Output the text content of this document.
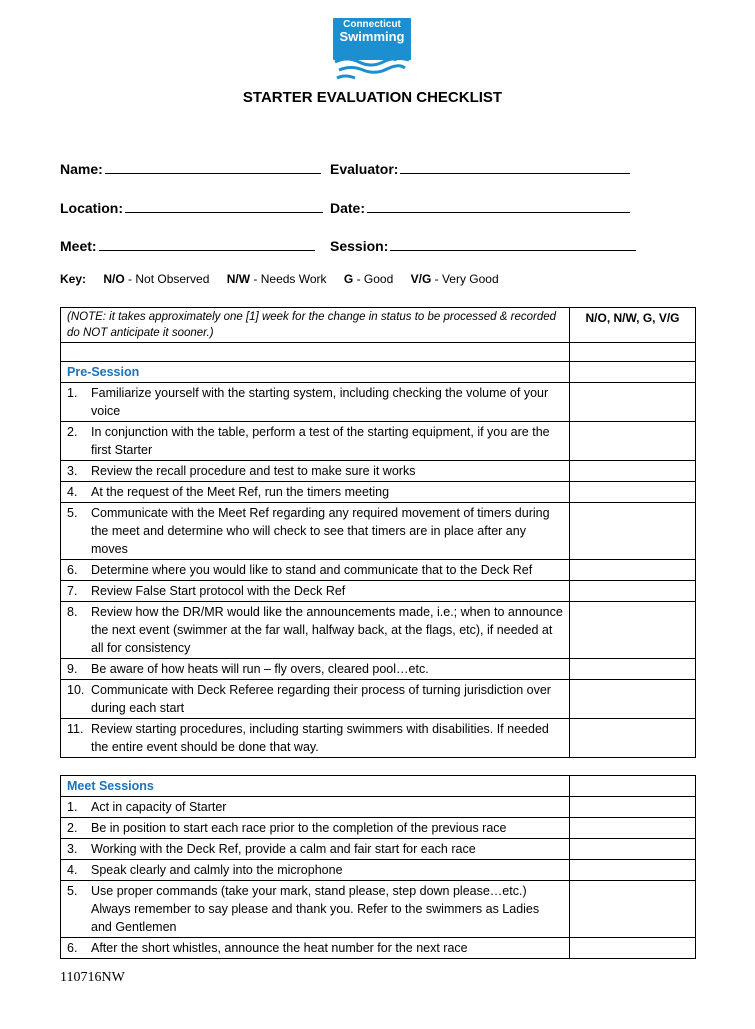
Connecticut
Swimming
STARTER EVALUATION CHECKLIST
Name:	Evaluator:
Location:	Date:
Meet:	Session:
Key: N/O - Not Observed N/W - Needs Work G - Good V/G - Very Good
(NOTE: it takes approximately one [1] week for the change in status to be processed & recorded do NOT anticipate it sooner.)	N/O, N/W, G, V/G

Pre-Session	
1. Familiarize yourself with the starting system, including checking the volume of your voice	
2. In conjunction with the table, perform a test of the starting equipment, if you are the first Starter	
3. Review the recall procedure and test to make sure it works	
4. At the request of the Meet Ref, run the timers meeting	
5. Communicate with the Meet Ref regarding any required movement of timers during the meet and determine who will check to see that timers are in place after any moves	
6. Determine where you would like to stand and communicate that to the Deck Ref	
7. Review False Start protocol with the Deck Ref	
8. Review how the DR/MR would like the announcements made, i.e.; when to announce the next event (swimmer at the far wall, halfway back, at the flags, etc), if needed at all for consistency	
9. Be aware of how heats will run – fly overs, cleared pool…etc.	
10. Communicate with Deck Referee regarding their process of turning jurisdiction over during each start	
11. Review starting procedures, including starting swimmers with disabilities. If needed the entire event should be done that way.	
Meet Sessions	
1. Act in capacity of Starter	
2. Be in position to start each race prior to the completion of the previous race	
3. Working with the Deck Ref, provide a calm and fair start for each race	
4. Speak clearly and calmly into the microphone	
5. Use proper commands (take your mark, stand please, step down please…etc.) Always remember to say please and thank you. Refer to the swimmers as Ladies and Gentlemen	
6. After the short whistles, announce the heat number for the next race	
110716NW
